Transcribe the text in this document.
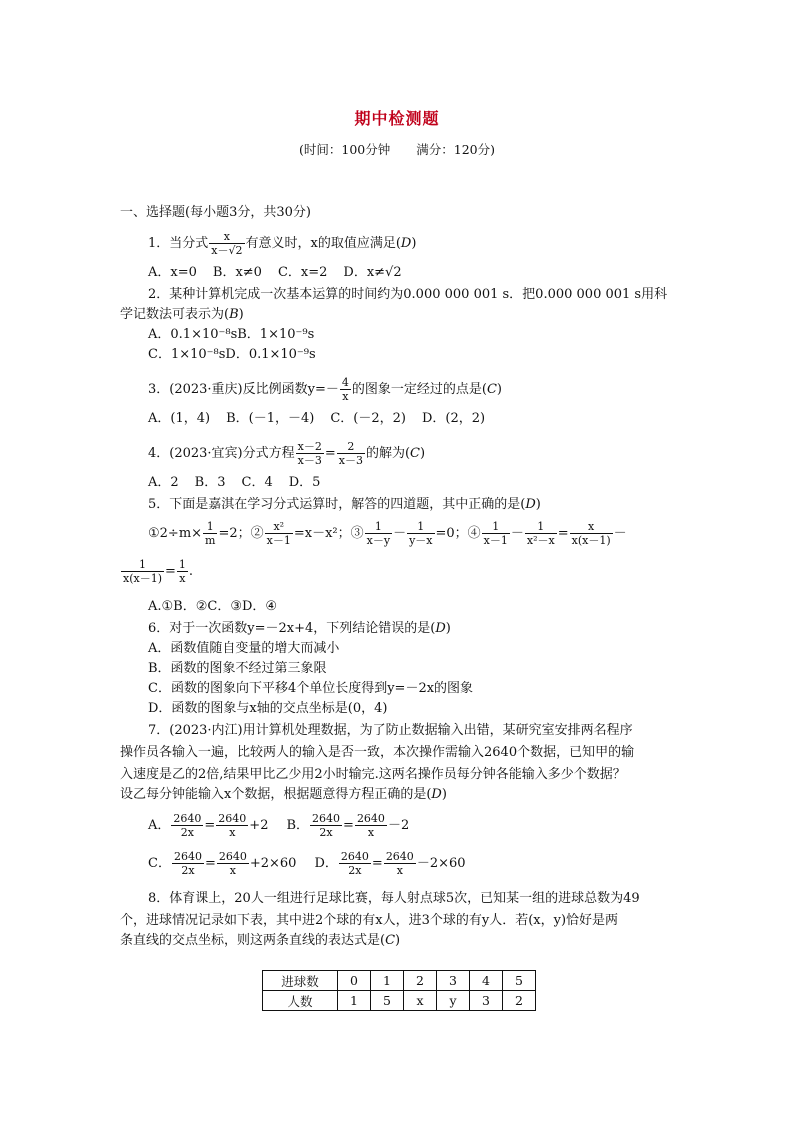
期中检测题
(时间：100分钟 满分：120分)
一、选择题(每小题3分，共30分)
1．当分式 $\frac{x}{x-√2}$ 有意义时，x的取值应满足(D)
A．x=0 B．x≠0 C．x=2 D．x≠√2
2．某种计算机完成一次基本运算的时间约为0.000 000 001 s．把0.000 000 001 s用科
学记数法可表示为(B)
A．0.1×10⁻⁸sB．1×10⁻⁹s
C．1×10⁻⁸sD．0.1×10⁻⁹s
3．(2023·重庆)反比例函数$y=- \frac{4}{x}$ 的图象一定经过的点是(C)
A．(1，4) B．(－1，－4) C．(－2，2) D．(2，2)
4．(2023·宜宾)分式方程 $\frac{x-2}{x-3} = \frac{2}{x-3}$ 的解为(C)
A．2 B．3 C．4 D．5
5．下面是嘉淇在学习分式运算时，解答的四道题，其中正确的是(D)
①2÷m× $\frac{1}{m} =2$；② $\frac{\text{x²}}{x-1} =x-x^2$；③ $\frac{1}{x-y} - \frac{1}{y-x} =0$；④ $\frac{1}{x-1} - \frac{1}{\text{x²－x}} = \frac{x}{x(x-1)}$ －
$\frac{1}{x(x-1)} = \frac{1}{x}$ .
A.①B．②C．③D．④
6．对于一次函数y=－2x+4，下列结论错误的是(D)
A．函数值随自变量的增大而减小
B．函数的图象不经过第三象限
C．函数的图象向下平移4个单位长度得到y=－2x的图象
D．函数的图象与x轴的交点坐标是(0，4)
7．(2023·内江)用计算机处理数据，为了防止数据输入出错，某研究室安排两名程序
操作员各输入一遍，比较两人的输入是否一致，本次操作需输入2640个数据，已知甲的输
入速度是乙的2倍,结果甲比乙少用2小时输完.这两名操作员每分钟各能输入多少个数据？
设乙每分钟能输入x个数据，根据题意得方程正确的是(D)
A． $\frac{2640}{2x} = \frac{2640}{x} +2$ B． $\frac{2640}{2x} = \frac{2640}{x} -2$
C． $\frac{2640}{2x} = \frac{2640}{x} +2\times 60$ D． $\frac{2640}{2x} = \frac{2640}{x} -2\times 60$
8．体育课上，20人一组进行足球比赛，每人射点球5次，已知某一组的进球总数为49
个，进球情况记录如下表，其中进2个球的有x人，进3个球的有y人．若(x，y)恰好是两
条直线的交点坐标，则这两条直线的表达式是(C)
进球数	0	1	2	3	4	5
人数	1	5	x	y	3	2
